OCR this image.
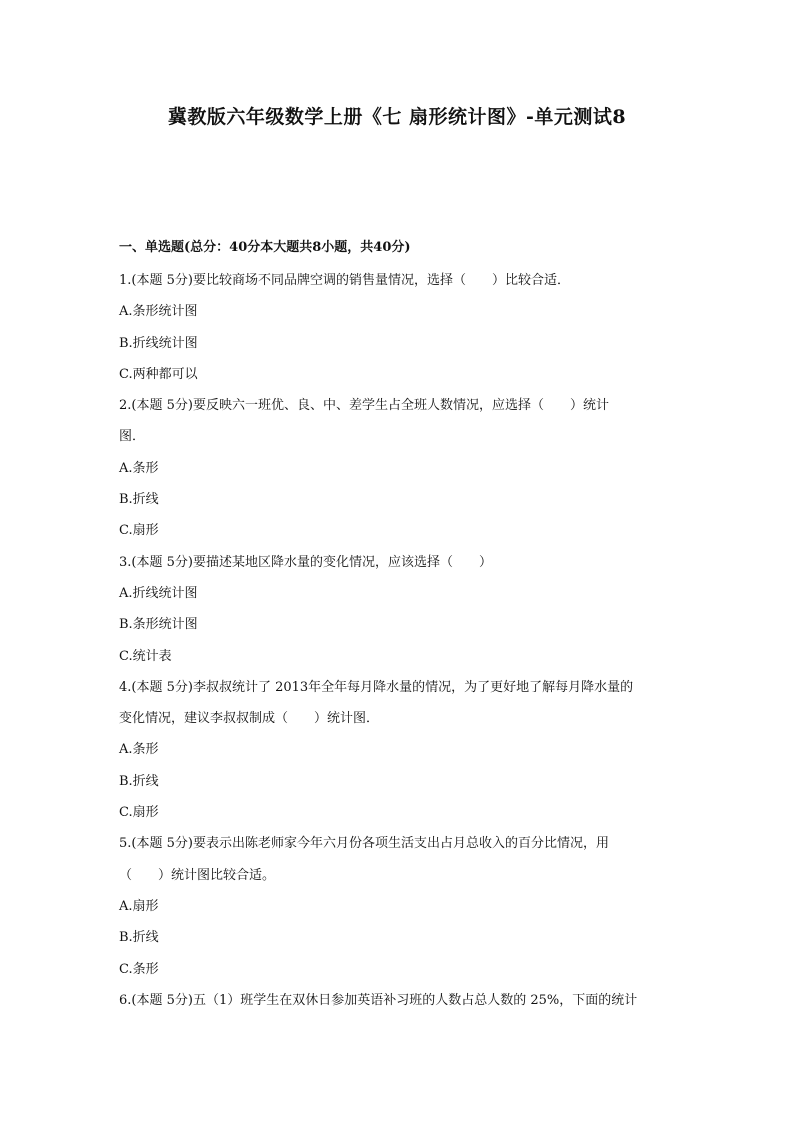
冀教版六年级数学上册《七 扇形统计图》-单元测试8
一、单选题(总分：40分本大题共8小题，共40分)
1.(本题 5分)要比较商场不同品牌空调的销售量情况，选择（　　）比较合适．
A.条形统计图
B.折线统计图
C.两种都可以
2.(本题 5分)要反映六一班优、良、中、差学生占全班人数情况，应选择（　　）统计
图．
A.条形
B.折线
C.扇形
3.(本题 5分)要描述某地区降水量的变化情况，应该选择（　　）
A.折线统计图
B.条形统计图
C.统计表
4.(本题 5分)李叔叔统计了 2013年全年每月降水量的情况，为了更好地了解每月降水量的
变化情况，建议李叔叔制成（　　）统计图．
A.条形
B.折线
C.扇形
5.(本题 5分)要表示出陈老师家今年六月份各项生活支出占月总收入的百分比情况，用
（　　）统计图比较合适。
A.扇形
B.折线
C.条形
6.(本题 5分)五（1）班学生在双休日参加英语补习班的人数占总人数的 25%，下面的统计
